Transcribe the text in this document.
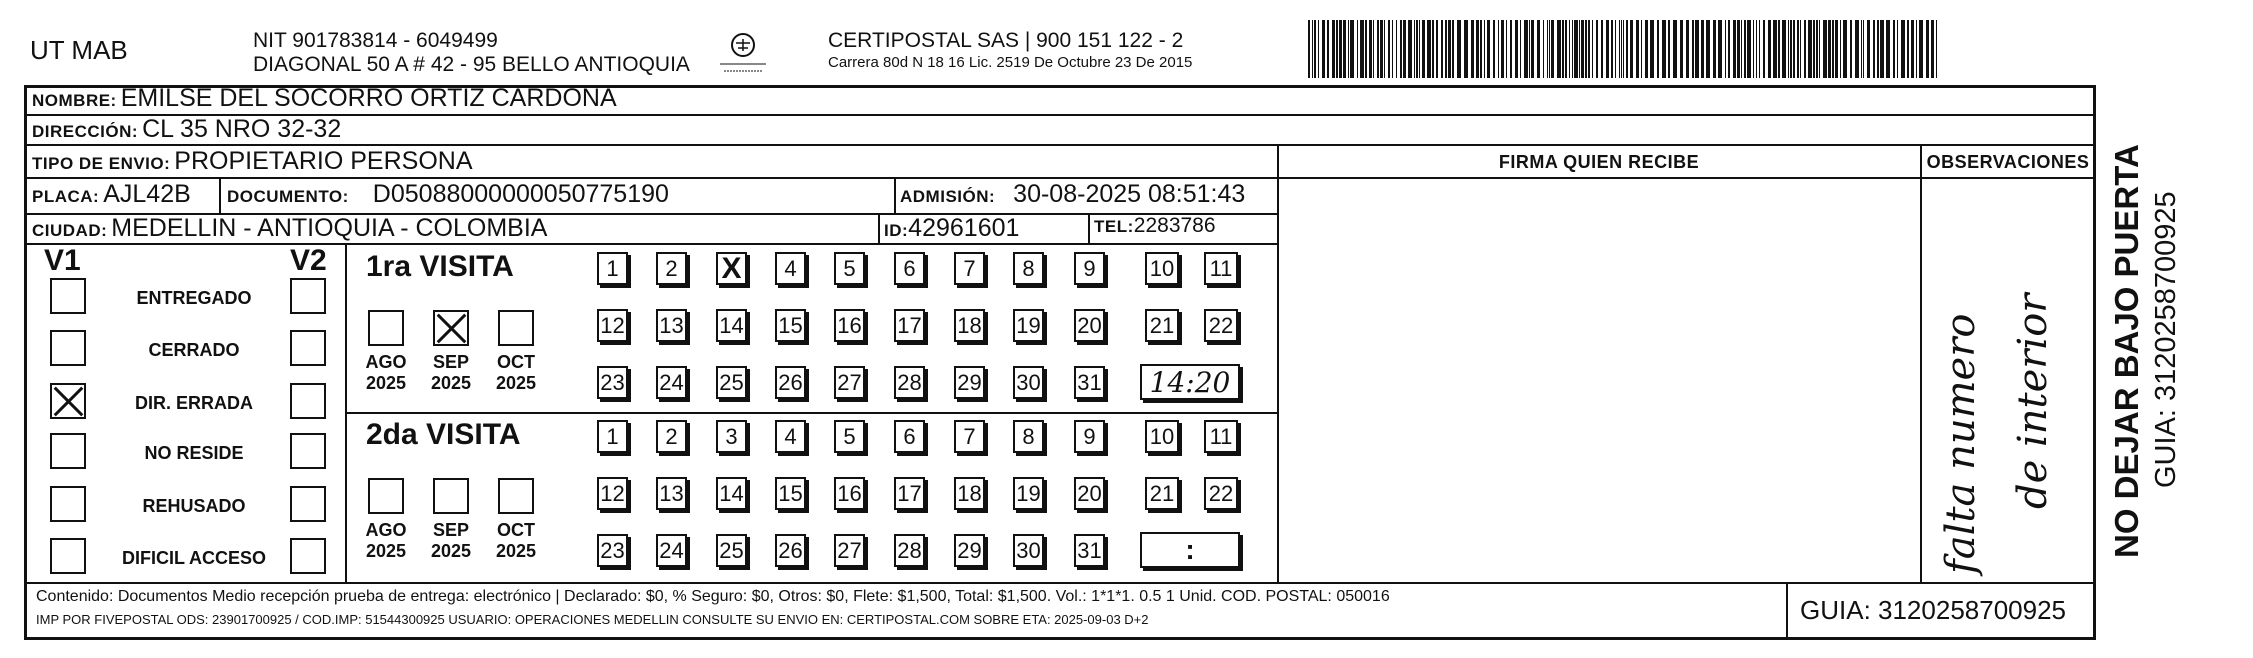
UT MAB	NIT 901783814 - 6049499
DIAGONAL 50 A # 42 - 95 BELLO ANTIOQUIA
CERTIPOSTAL SAS | 900 151 122 - 2
Carrera 80d N 18 16 Lic. 2519 De Octubre 23 De 2015
NOMBRE: EMILSE DEL SOCORRO ORTIZ CARDONA
DIRECCIÓN: CL 35 NRO 32-32
TIPO DE ENVIO: PROPIETARIO PERSONA
PLACA: AJL42B DOCUMENTO: D05088000000050775190	ADMISIÓN: 30-08-2025 08:51:43
CIUDAD: MEDELLIN - ANTIOQUIA - COLOMBIA	ID: 42961601	TEL: 2283786
FIRMA QUIEN RECIBE	OBSERVACIONES
falta numero de interior
V1	V2
ENTREGADO
CERRADO
DIR. ERRADA
NO RESIDE
REHUSADO
DIFICIL ACCESO
1ra VISITA
AGO
2025
SEP
2025
OCT
2025
1	2	X	4	5	6	7	8	9	10 11
12 13 14 15 16 17 18 19 20 21 22
23 24 25 26 27 28 29 30 31	14:20
2da VISITA
AGO
2025
SEP
2025
OCT
2025
1	2	3	4	5	6	7	8	9	10 11
12 13 14 15 16 17 18 19 20 21 22
23 24 25 26 27 28 29 30 31	:
Contenido: Documentos Medio recepción prueba de entrega: electrónico | Declarado: $0, % Seguro: $0, Otros: $0, Flete: $1,500, Total: $1,500. Vol.: 1*1*1. 0.5 1 Unid. COD. POSTAL: 050016
IMP POR FIVEPOSTAL ODS: 23901700925 / COD.IMP: 51544300925 USUARIO: OPERACIONES MEDELLIN CONSULTE SU ENVIO EN: CERTIPOSTAL.COM SOBRE ETA: 2025-09-03 D+2	GUIA: 3120258700925
NO DEJAR BAJO PUERTA GUIA: 3120258700925
